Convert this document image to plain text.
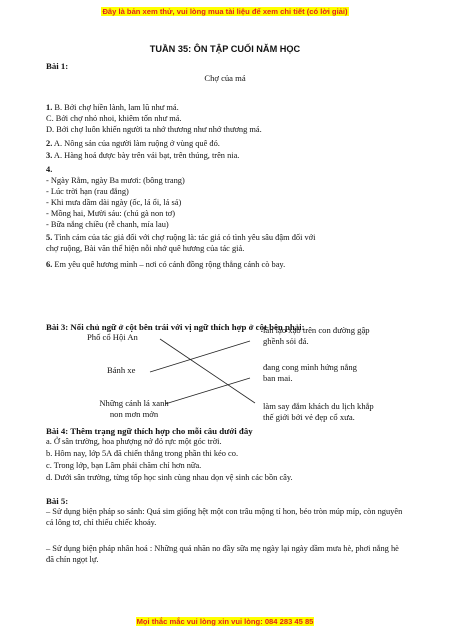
Đây là bản xem thử, vui lòng mua tài liệu để xem chi tiết (có lời giải)
TUẦN 35: ÔN TẬP CUỐI NĂM HỌC
Bài 1:
Chợ của má
1. B. Bởi chợ hiền lành, lam lũ như má.
C. Bởi chợ nhỏ nhoi, khiêm tốn như má.
D. Bởi chợ luôn khiến người ta nhớ thương như nhớ thương má.
2. A. Nông sản của người làm ruộng ở vùng quê đó.
3. A. Hàng hoá được bày trên vải bạt, trên thúng, trên nia.
4.
- Ngày Rằm, ngày Ba mươi: (bông trang)
- Lúc trời hạn (rau đắng)
- Khi mưa dầm dài ngày (ốc, lá ổi, lá sả)
- Mồng hai, Mười sáu: (chú gà non tơ)
- Bữa nắng chiều (rễ chanh, mía lau)
5. Tình cảm của tác giả đối với chợ ruộng là: tác giả có tình yêu sâu đậm đối với
chợ ruộng, Bài văn thể hiện nỗi nhớ quê hương của tác giả.
6. Em yêu quê hương mình – nơi có cánh đồng rộng thẳng cánh cò bay.
Bài 3: Nối chủ ngữ ở cột bên trái với vị ngữ thích hợp ở cột bên phải:
Phố cổ Hội An
Bánh xe
Những cánh lá xanh
non mơn mởn
lăn lạo xạo trên con đường gập
ghềnh sỏi đá.
đang cong mình hứng nắng
ban mai.
làm say đắm khách du lịch khắp
thế giới bởi vẻ đẹp cổ xưa.
Bài 4: Thêm trạng ngữ thích hợp cho mỗi câu dưới đây
a. Ở sân trường, hoa phượng nở đỏ rực một góc trời.
b. Hôm nay, lớp 5A đã chiến thắng trong phần thi kéo co.
c. Trong lớp, bạn Lâm phải chăm chỉ hơn nữa.
d. Dưới sân trường, từng tốp học sinh cùng nhau dọn vệ sinh các bồn cây.
Bài 5:
– Sử dụng biện pháp so sánh: Quả sim giống hệt một con trâu mộng tí hon, béo tròn múp míp, còn nguyên cả lông tơ, chỉ thiếu chiếc khoáy.
– Sử dụng biện pháp nhân hoá : Những quả nhãn no đầy sữa mẹ ngày lại ngày dầm mưa hè, phơi nắng hè đã chín ngọt lự.
Mọi thắc mắc vui lòng xin vui lòng: 084 283 45 85
